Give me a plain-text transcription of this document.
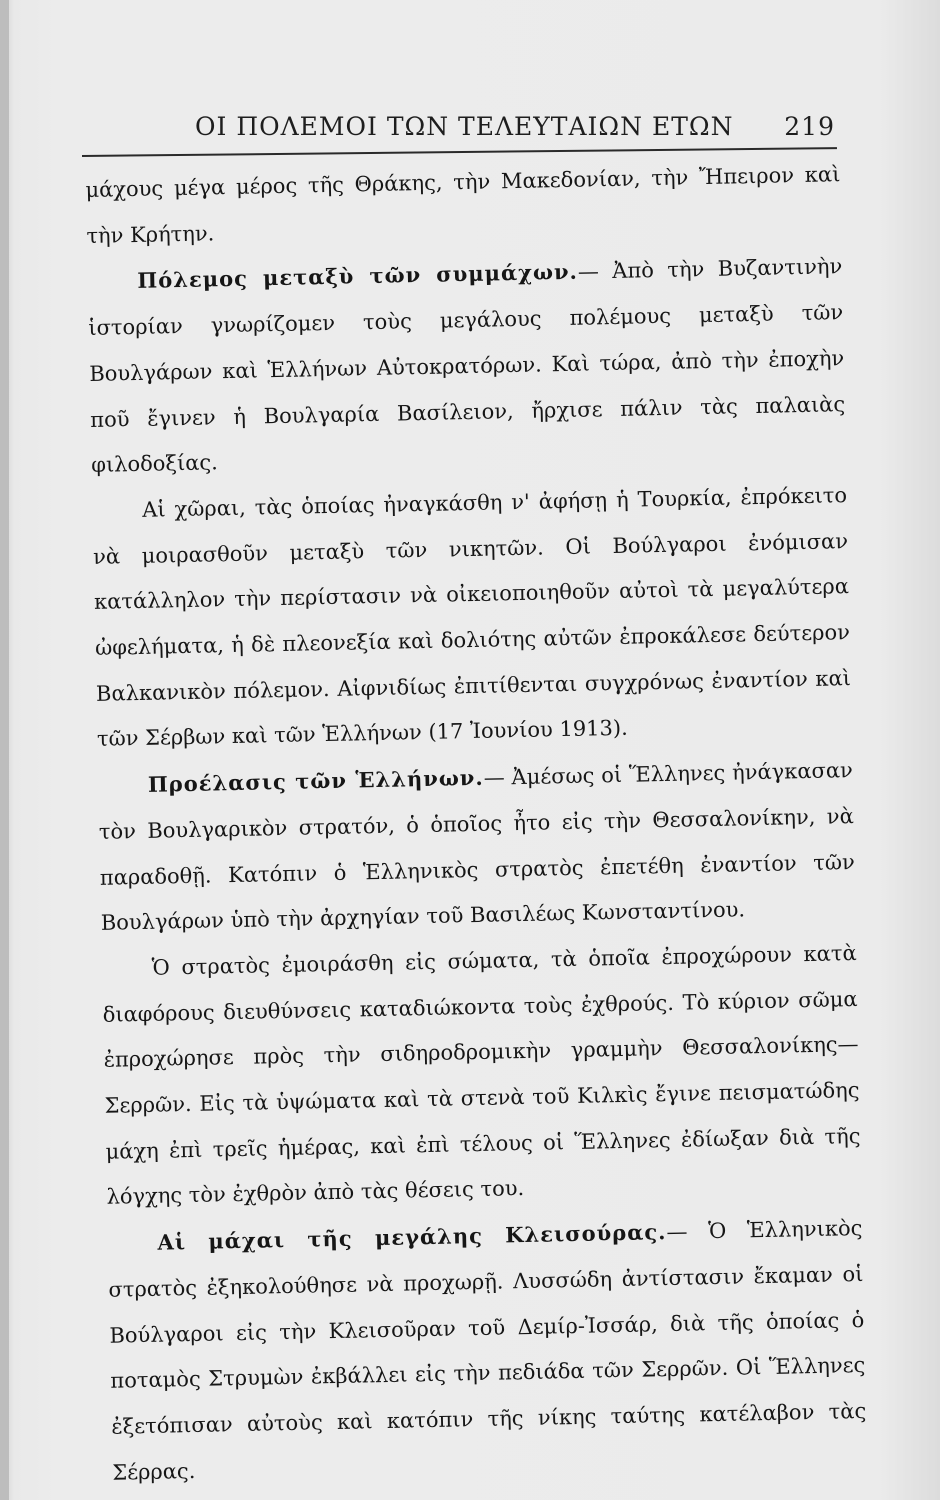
ΟΙ ΠΟΛΕΜΟΙ ΤΩΝ ΤΕΛΕΥΤΑΙΩΝ ΕΤΩΝ 219

μάχους μέγα μέρος τῆς Θράκης, τὴν Μακεδονίαν, τὴν Ἤπειρον καὶ τὴν Κρήτην.

Πόλεμος μεταξὺ τῶν συμμάχων.— Ἀπὸ τὴν Βυζαντινὴν ἱστορίαν γνωρίζομεν τοὺς μεγάλους πολέμους μεταξὺ τῶν Βουλγάρων καὶ Ἑλλήνων Αὐτοκρατόρων. Καὶ τώρα, ἀπὸ τὴν ἐποχὴν ποῦ ἔγινεν ἡ Βουλγαρία Βασίλειον, ἤρχισε πάλιν τὰς παλαιὰς φιλοδοξίας.

Αἱ χῶραι, τὰς ὁποίας ἠναγκάσθη ν' ἀφήσῃ ἡ Τουρκία, ἐπρόκειτο νὰ μοιρασθοῦν μεταξὺ τῶν νικητῶν. Οἱ Βούλγαροι ἐνόμισαν κατάλληλον τὴν περίστασιν νὰ οἰκειοποιηθοῦν αὐτοὶ τὰ μεγαλύτερα ὠφελήματα, ἡ δὲ πλεονεξία καὶ δολιότης αὐτῶν ἐπροκάλεσε δεύτερον Βαλκανικὸν πόλεμον. Αἰφνιδίως ἐπιτίθενται συγχρόνως ἐναντίον καὶ τῶν Σέρβων καὶ τῶν Ἑλλήνων (17 Ἰουνίου 1913).

Προέλασις τῶν Ἑλλήνων.— Ἀμέσως οἱ Ἕλληνες ἠνάγκασαν τὸν Βουλγαρικὸν στρατόν, ὁ ὁποῖος ἦτο εἰς τὴν Θεσσαλονίκην, νὰ παραδοθῇ. Κατόπιν ὁ Ἑλληνικὸς στρατὸς ἐπετέθη ἐναντίον τῶν Βουλγάρων ὑπὸ τὴν ἀρχηγίαν τοῦ Βασιλέως Κωνσταντίνου.

Ὁ στρατὸς ἐμοιράσθη εἰς σώματα, τὰ ὁποῖα ἐπροχώρουν κατὰ διαφόρους διευθύνσεις καταδιώκοντα τοὺς ἐχθρούς. Τὸ κύριον σῶμα ἐπροχώρησε πρὸς τὴν σιδηροδρομικὴν γραμμὴν Θεσσαλονίκης—Σερρῶν. Εἰς τὰ ὑψώματα καὶ τὰ στενὰ τοῦ Κιλκὶς ἔγινε πεισματώδης μάχη ἐπὶ τρεῖς ἡμέρας, καὶ ἐπὶ τέλους οἱ Ἕλληνες ἐδίωξαν διὰ τῆς λόγχης τὸν ἐχθρὸν ἀπὸ τὰς θέσεις του.

Αἱ μάχαι τῆς μεγάλης Κλεισούρας.— Ὁ Ἑλληνικὸς στρατὸς ἐξηκολούθησε νὰ προχωρῇ. Λυσσώδη ἀντίστασιν ἔκαμαν οἱ Βούλγαροι εἰς τὴν Κλεισοῦραν τοῦ Δεμίρ-Ἰσσάρ, διὰ τῆς ὁποίας ὁ ποταμὸς Στρυμὼν ἐκβάλλει εἰς τὴν πεδιάδα τῶν Σερρῶν. Οἱ Ἕλληνες ἐξετόπισαν αὐτοὺς καὶ κατόπιν τῆς νίκης ταύτης κατέλαβον τὰς Σέρρας.
